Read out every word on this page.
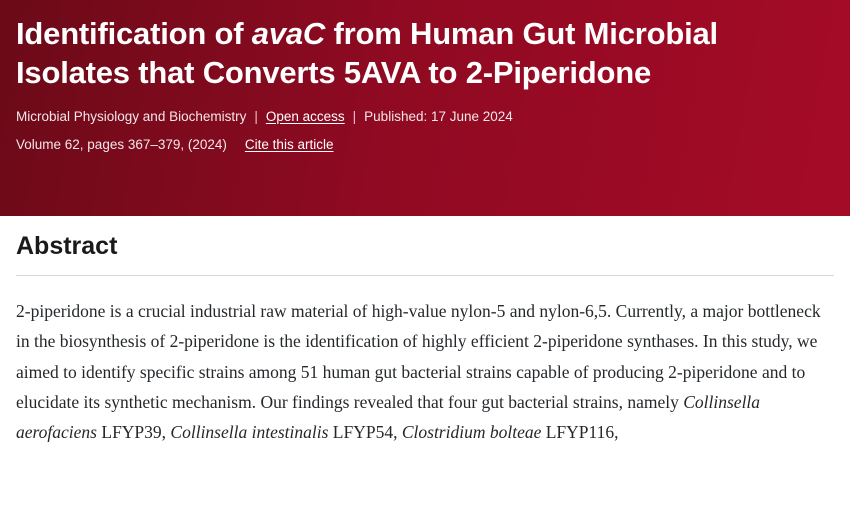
Identification of avaC from Human Gut Microbial Isolates that Converts 5AVA to 2-Piperidone
Microbial Physiology and Biochemistry | Open access | Published: 17 June 2024
Volume 62, pages 367–379, (2024) Cite this article
Abstract

2-piperidone is a crucial industrial raw material of high-value nylon-5 and nylon-6,5. Currently, a major bottleneck in the biosynthesis of 2-piperidone is the identification of highly efficient 2-piperidone synthases. In this study, we aimed to identify specific strains among 51 human gut bacterial strains capable of producing 2-piperidone and to elucidate its synthetic mechanism. Our findings revealed that four gut bacterial strains, namely Collinsella aerofaciens LFYP39, Collinsella intestinalis LFYP54, Clostridium bolteae LFYP116,
